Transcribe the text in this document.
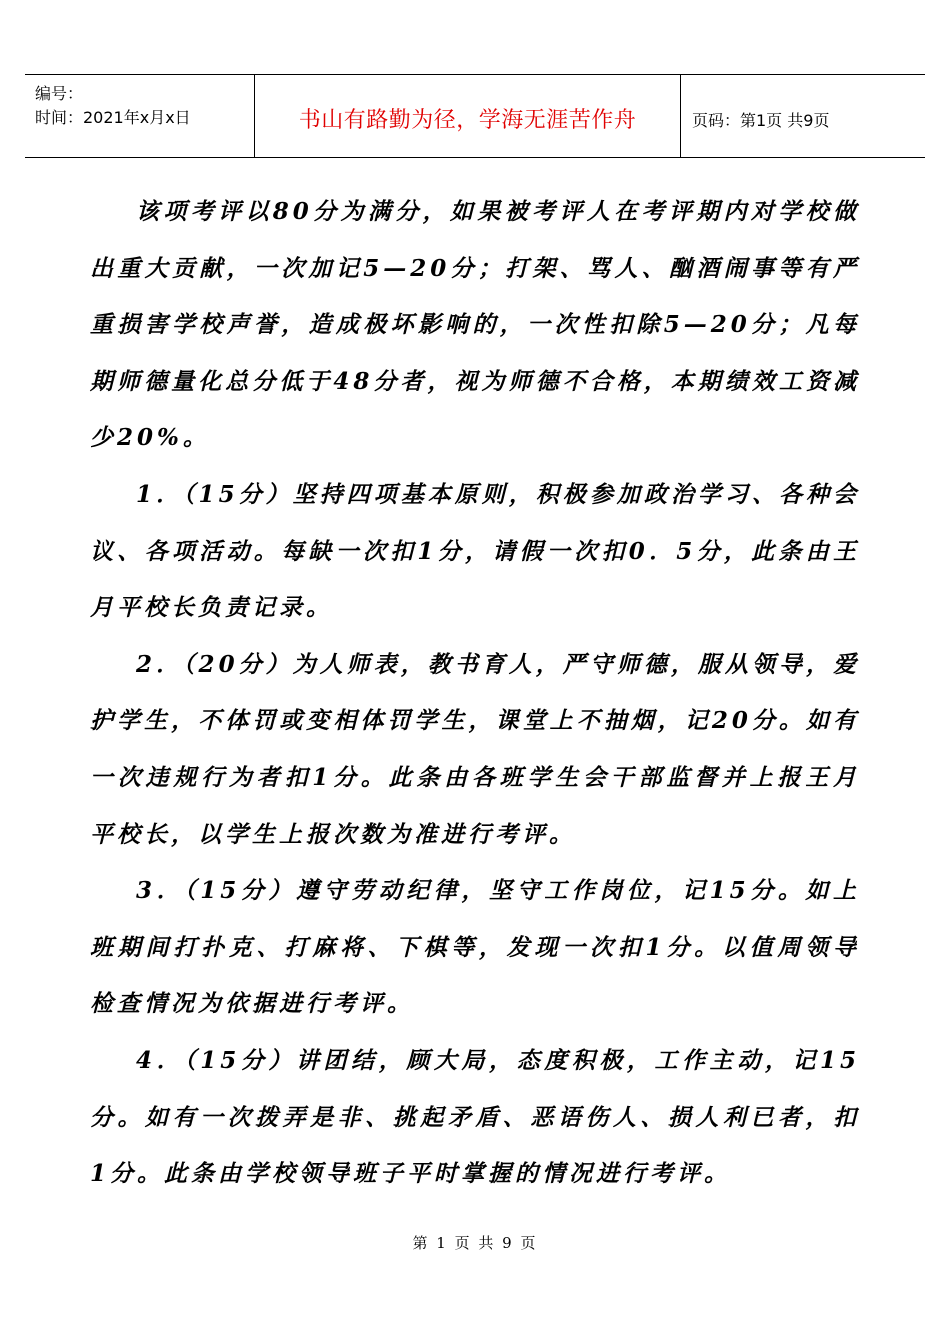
编号：
时间：2021年x月x日	书山有路勤为径，学海无涯苦作舟	页码：第1页 共9页

该项考评以80分为满分，如果被考评人在考评期内对学校做出重大贡献，一次加记5—20分；打架、骂人、酗酒闹事等有严重损害学校声誉，造成极坏影响的，一次性扣除5—20分；凡每期师德量化总分低于48分者，视为师德不合格，本期绩效工资减少20%。

1．（15分）坚持四项基本原则，积极参加政治学习、各种会议、各项活动。每缺一次扣1分，请假一次扣0．5分，此条由王月平校长负责记录。

2．（20分）为人师表，教书育人，严守师德，服从领导，爱护学生，不体罚或变相体罚学生，课堂上不抽烟，记20分。如有一次违规行为者扣1分。此条由各班学生会干部监督并上报王月平校长，以学生上报次数为准进行考评。

3．（15分）遵守劳动纪律，坚守工作岗位，记15分。如上班期间打扑克、打麻将、下棋等，发现一次扣1分。以值周领导检查情况为依据进行考评。

4．（15分）讲团结，顾大局，态度积极，工作主动，记15分。如有一次拨弄是非、挑起矛盾、恶语伤人、损人利已者，扣1分。此条由学校领导班子平时掌握的情况进行考评。

第 1 页 共 9 页
